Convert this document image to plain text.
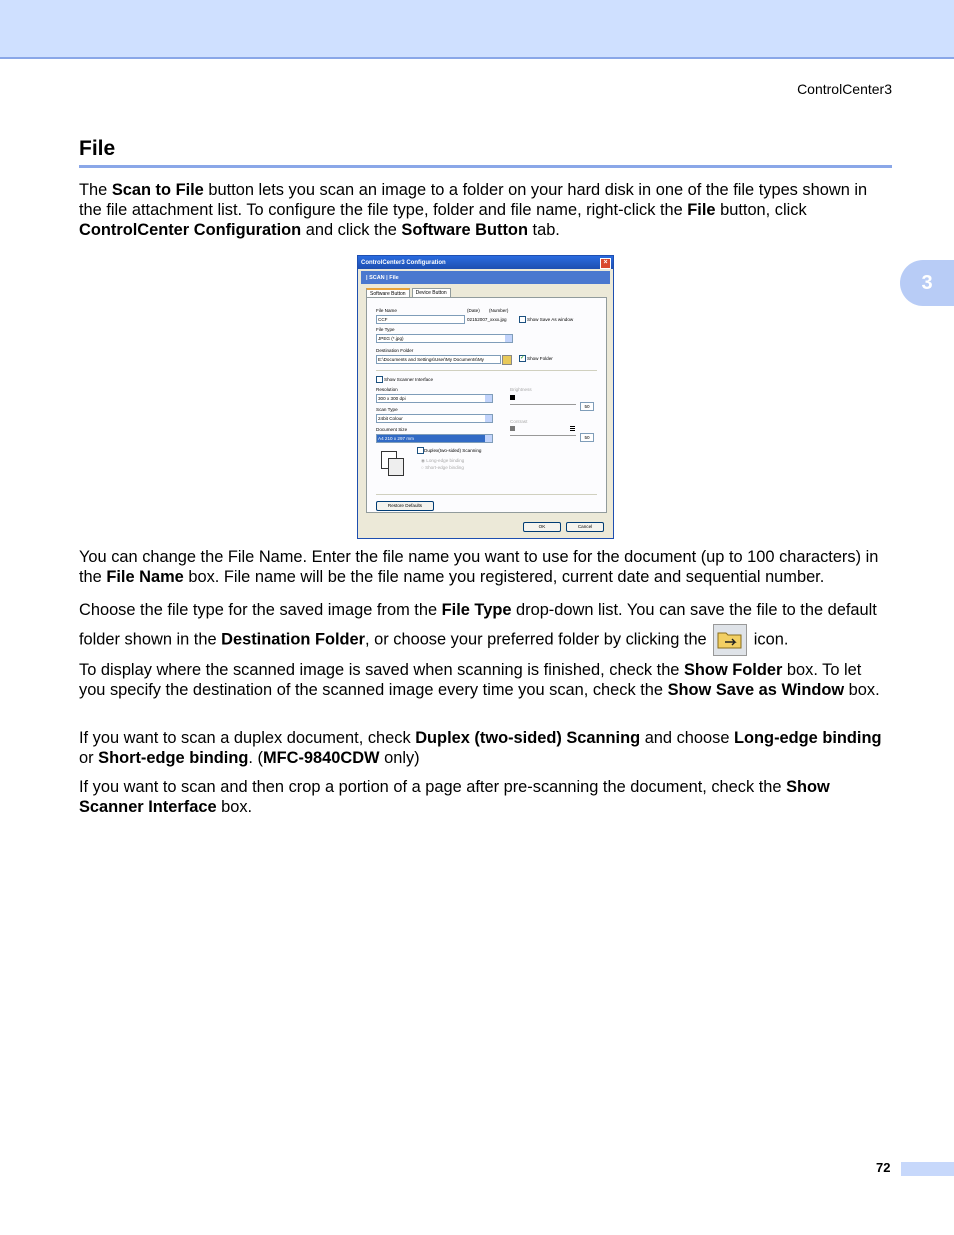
ControlCenter3
3
File
The Scan to File button lets you scan an image to a folder on your hard disk in one of the file types shown in the file attachment list. To configure the file type, folder and file name, right-click the File button, click ControlCenter Configuration and click the Software Button tab.
ControlCenter3 Configuration	×
| SCAN | File
Software Button	Device Button
File Name	(Date) (Number)
CCF	02152007_xxxx.jpg	Show Save As window
File Type
JPEG (*.jpg)
Destination Folder
E:\Documents and Settings\User\My Documents\My	✓ Show Folder
Show Scanner Interface
Resolution
300 x 300 dpi
Scan Type
24bit Colour
Document Size
A4 210 x 297 mm
Brightness
50
Contrast
50
Duplex(two-sided) Scanning
◉ Long-edge binding
○ Short-edge binding
Restore Defaults
OK	Cancel
You can change the File Name. Enter the file name you want to use for the document (up to 100 characters) in the File Name box. File name will be the file name you registered, current date and sequential number.
Choose the file type for the saved image from the File Type drop-down list. You can save the file to the default folder shown in the Destination Folder, or choose your preferred folder by clicking the
icon.
To display where the scanned image is saved when scanning is finished, check the Show Folder box. To let you specify the destination of the scanned image every time you scan, check the Show Save as Window box.
If you want to scan a duplex document, check Duplex (two-sided) Scanning and choose Long-edge binding or Short-edge binding. (MFC-9840CDW only)
If you want to scan and then crop a portion of a page after pre-scanning the document, check the Show Scanner Interface box.
72
